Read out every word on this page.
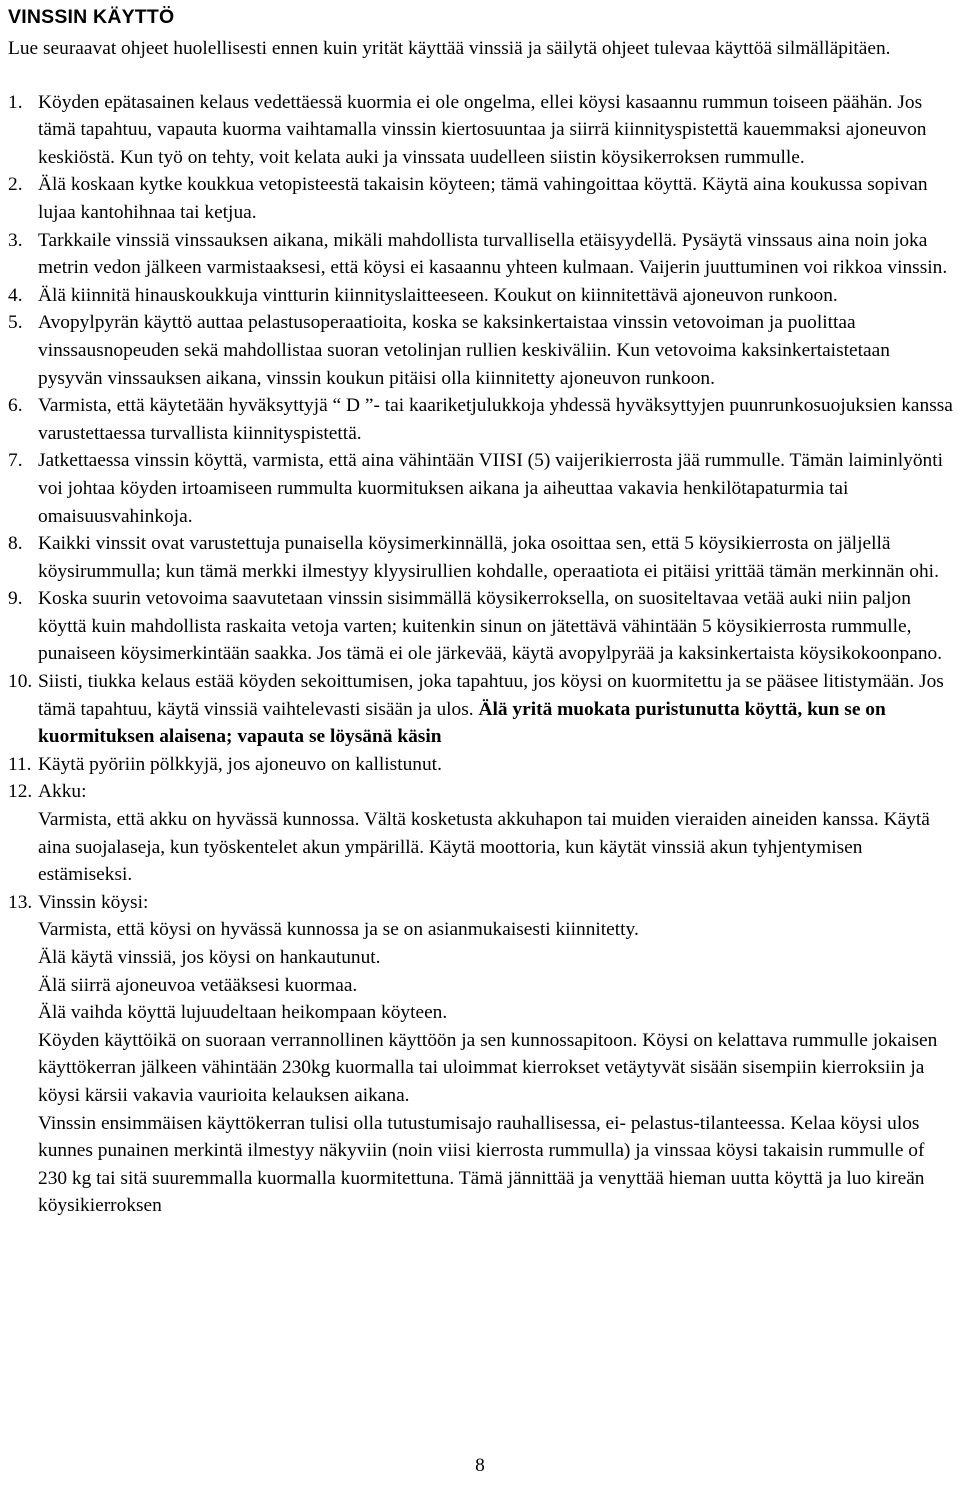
VINSSIN KÄYTTÖ
Lue seuraavat ohjeet huolellisesti ennen kuin yrität käyttää vinssiä ja säilytä ohjeet tulevaa käyttöä silmälläpitäen.
1. Köyden epätasainen kelaus vedettäessä kuormia ei ole ongelma, ellei köysi kasaannu rummun toiseen päähän. Jos tämä tapahtuu, vapauta kuorma vaihtamalla vinssin kiertosuuntaa ja siirrä kiinnityspistettä kauemmaksi ajoneuvon keskiöstä. Kun työ on tehty, voit kelata auki ja vinssata uudelleen siistin köysikerroksen rummulle.
2. Älä koskaan kytke koukkua vetopisteestä takaisin köyteen; tämä vahingoittaa köyttä. Käytä aina koukussa sopivan lujaa kantohihnaa tai ketjua.
3. Tarkkaile vinssiä vinssauksen aikana, mikäli mahdollista turvallisella etäisyydellä. Pysäytä vinssaus aina noin joka metrin vedon jälkeen varmistaaksesi, että köysi ei kasaannu yhteen kulmaan. Vaijerin juuttuminen voi rikkoa vinssin.
4. Älä kiinnitä hinauskoukkuja vintturin kiinnityslaitteeseen. Koukut on kiinnitettävä ajoneuvon runkoon.
5. Avopylpyrän käyttö auttaa pelastusoperaatioita, koska se kaksinkertaistaa vinssin vetovoiman ja puolittaa vinssausnopeuden sekä mahdollistaa suoran vetolinjan rullien keskiväliin. Kun vetovoima kaksinkertaistetaan pysyvän vinssauksen aikana, vinssin koukun pitäisi olla kiinnitetty ajoneuvon runkoon.
6. Varmista, että käytetään hyväksyttyjä “ D ”- tai kaariketjulukkoja yhdessä hyväksyttyjen puunrunkosuojuksien kanssa varustettaessa turvallista kiinnityspistettä.
7. Jatkettaessa vinssin köyttä, varmista, että aina vähintään VIISI (5) vaijerikierrosta jää rummulle. Tämän laiminlyönti voi johtaa köyden irtoamiseen rummulta kuormituksen aikana ja aiheuttaa vakavia henkilötapaturmia tai omaisuusvahinkoja.
8. Kaikki vinssit ovat varustettuja punaisella köysimerkinnällä, joka osoittaa sen, että 5 köysikierrosta on jäljellä köysirummulla; kun tämä merkki ilmestyy klyysirullien kohdalle, operaatiota ei pitäisi yrittää tämän merkinnän ohi.
9. Koska suurin vetovoima saavutetaan vinssin sisimmällä köysikerroksella, on suositeltavaa vetää auki niin paljon köyttä kuin mahdollista raskaita vetoja varten; kuitenkin sinun on jätettävä vähintään 5 köysikierrosta rummulle, punaiseen köysimerkintään saakka. Jos tämä ei ole järkevää, käytä avopylpyrää ja kaksinkertaista köysikokoonpano.
10. Siisti, tiukka kelaus estää köyden sekoittumisen, joka tapahtuu, jos köysi on kuormitettu ja se pääsee litistymään. Jos tämä tapahtuu, käytä vinssiä vaihtelevasti sisään ja ulos. Älä yritä muokata puristunutta köyttä, kun se on kuormituksen alaisena; vapauta se löysänä käsin
11. Käytä pyöriin pölkkyjä, jos ajoneuvo on kallistunut.
12. Akku:

Varmista, että akku on hyvässä kunnossa. Vältä kosketusta akkuhapon tai muiden vieraiden aineiden kanssa. Käytä aina suojalaseja, kun työskentelet akun ympärillä. Käytä moottoria, kun käytät vinssiä akun tyhjentymisen estämiseksi.

13. Vinssin köysi:

Varmista, että köysi on hyvässä kunnossa ja se on asianmukaisesti kiinnitetty.

Älä käytä vinssiä, jos köysi on hankautunut.

Älä siirrä ajoneuvoa vetääksesi kuormaa.

Älä vaihda köyttä lujuudeltaan heikompaan köyteen.

Köyden käyttöikä on suoraan verrannollinen käyttöön ja sen kunnossapitoon. Köysi on kelattava rummulle jokaisen käyttökerran jälkeen vähintään 230kg kuormalla tai uloimmat kierrokset vetäytyvät sisään sisempiin kierroksiin ja köysi kärsii vakavia vaurioita kelauksen aikana.

Vinssin ensimmäisen käyttökerran tulisi olla tutustumisajo rauhallisessa, ei- pelastus-tilanteessa. Kelaa köysi ulos kunnes punainen merkintä ilmestyy näkyviin (noin viisi kierrosta rummulla) ja vinssaa köysi takaisin rummulle of 230 kg tai sitä suuremmalla kuormalla kuormitettuna. Tämä jännittää ja venyttää hieman uutta köyttä ja luo kireän köysikierroksen

8
